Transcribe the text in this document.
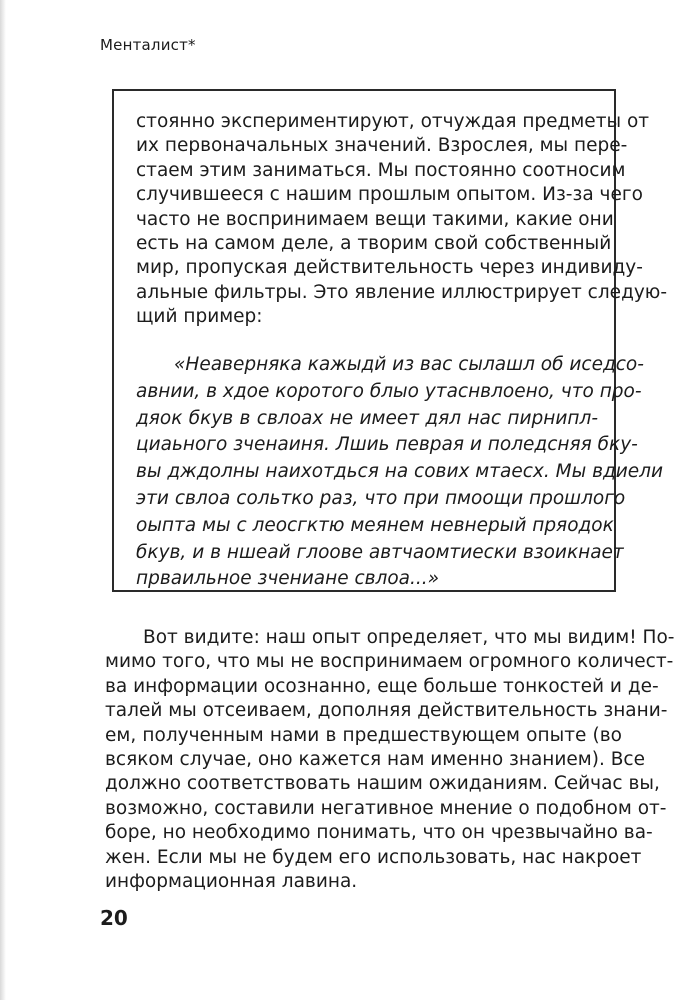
Менталист*

стоянно экспериментируют, отчуждая предметы от
их первоначальных значений. Взрослея, мы пере-
стаем этим заниматься. Мы постоянно соотносим
случившееся с нашим прошлым опытом. Из-за чего
часто не воспринимаем вещи такими, какие они
есть на самом деле, а творим свой собственный
мир, пропуская действительность через индивиду-
альные фильтры. Это явление иллюстрирует следую-
щий пример:

«Неаверняка кажыдй из вас сылашл об иседсо-
авнии, в хдое коротого блыо утаснвлоено, что про-
дяок бкув в свлоах не имеет дял нас пирнипл-
циаьного зченаиня. Лшиь певрая и поледсняя бку-
вы дждолны наихотдься на сових мтаесх. Мы вдиели
эти свлоа сольтко раз, что при пмоощи прошлого
оыпта мы с леосгктю меянем невнерый пряодок
бкув, и в ншеай глоове автчаомтиески взоикнает
прваильное зчениане свлоа...»

Вот видите: наш опыт определяет, что мы видим! По-
мимо того, что мы не воспринимаем огромного количест-
ва информации осознанно, еще больше тонкостей и де-
талей мы отсеиваем, дополняя действительность знани-
ем, полученным нами в предшествующем опыте (во
всяком случае, оно кажется нам именно знанием). Все
должно соответствовать нашим ожиданиям. Сейчас вы,
возможно, составили негативное мнение о подобном от-
боре, но необходимо понимать, что он чрезвычайно ва-
жен. Если мы не будем его использовать, нас накроет
информационная лавина.

20
